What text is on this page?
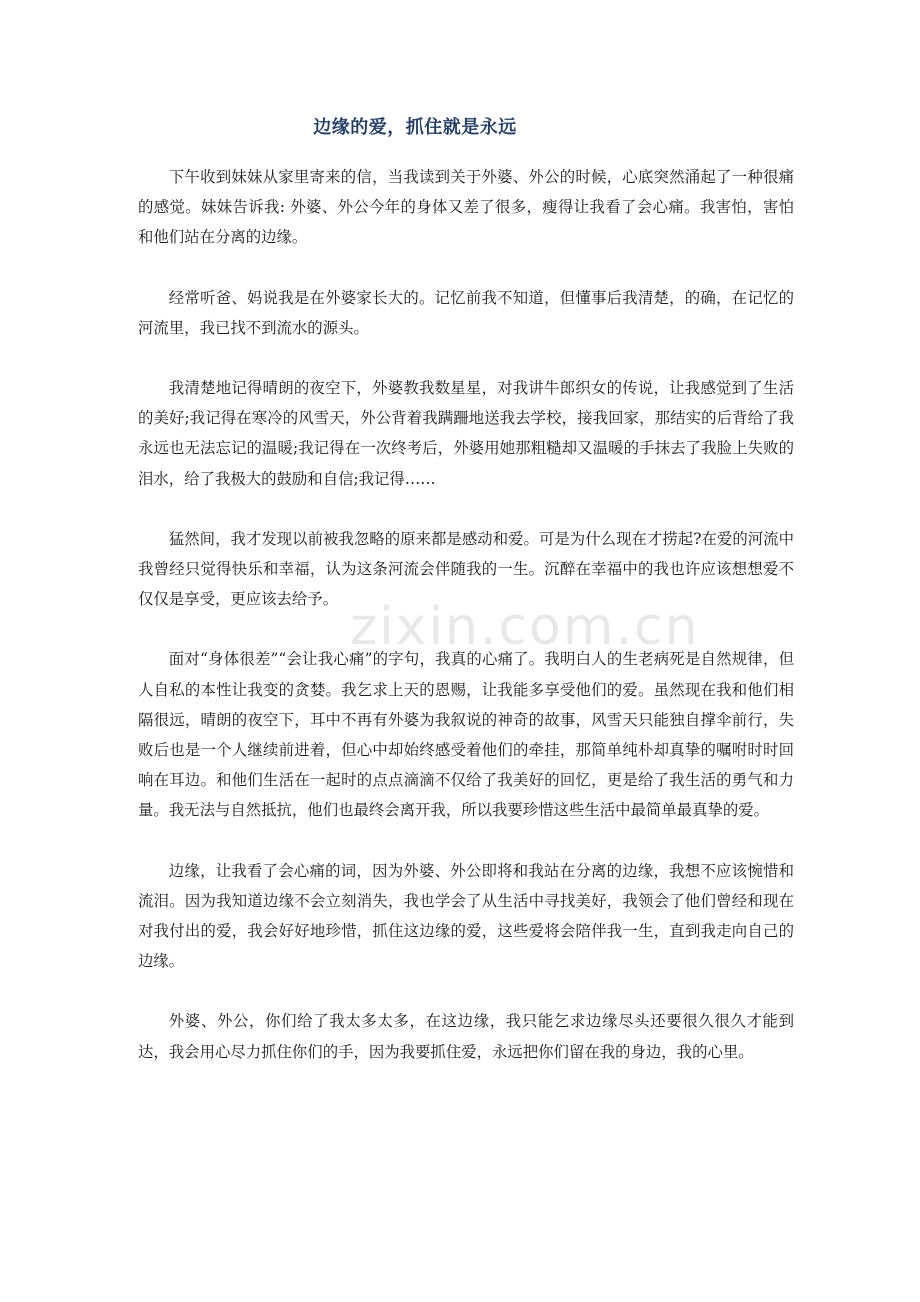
边缘的爱，抓住就是永远

下午收到妹妹从家里寄来的信，当我读到关于外婆、外公的时候，心底突然涌起了一种很痛的感觉。妹妹告诉我: 外婆、外公今年的身体又差了很多，瘦得让我看了会心痛。我害怕，害怕和他们站在分离的边缘。

经常听爸、妈说我是在外婆家长大的。记忆前我不知道，但懂事后我清楚，的确，在记忆的河流里，我已找不到流水的源头。

我清楚地记得晴朗的夜空下，外婆教我数星星，对我讲牛郎织女的传说，让我感觉到了生活的美好;我记得在寒冷的风雪天，外公背着我蹒跚地送我去学校，接我回家，那结实的后背给了我永远也无法忘记的温暖;我记得在一次终考后，外婆用她那粗糙却又温暖的手抹去了我脸上失败的泪水，给了我极大的鼓励和自信;我记得……

猛然间，我才发现以前被我忽略的原来都是感动和爱。可是为什么现在才捞起?在爱的河流中我曾经只觉得快乐和幸福，认为这条河流会伴随我的一生。沉醉在幸福中的我也许应该想想爱不仅仅是享受，更应该去给予。

面对“身体很差”“会让我心痛”的字句，我真的心痛了。我明白人的生老病死是自然规律，但人自私的本性让我变的贪婪。我乞求上天的恩赐，让我能多享受他们的爱。虽然现在我和他们相隔很远，晴朗的夜空下，耳中不再有外婆为我叙说的神奇的故事，风雪天只能独自撑伞前行，失败后也是一个人继续前进着，但心中却始终感受着他们的牵挂，那简单纯朴却真挚的嘱咐时时回响在耳边。和他们生活在一起时的点点滴滴不仅给了我美好的回忆，更是给了我生活的勇气和力量。我无法与自然抵抗，他们也最终会离开我，所以我要珍惜这些生活中最简单最真挚的爱。

边缘，让我看了会心痛的词，因为外婆、外公即将和我站在分离的边缘，我想不应该惋惜和流泪。因为我知道边缘不会立刻消失，我也学会了从生活中寻找美好，我领会了他们曾经和现在对我付出的爱，我会好好地珍惜，抓住这边缘的爱，这些爱将会陪伴我一生，直到我走向自己的边缘。

外婆、外公，你们给了我太多太多，在这边缘，我只能乞求边缘尽头还要很久很久才能到达，我会用心尽力抓住你们的手，因为我要抓住爱，永远把你们留在我的身边，我的心里。

zixin.com.cn
